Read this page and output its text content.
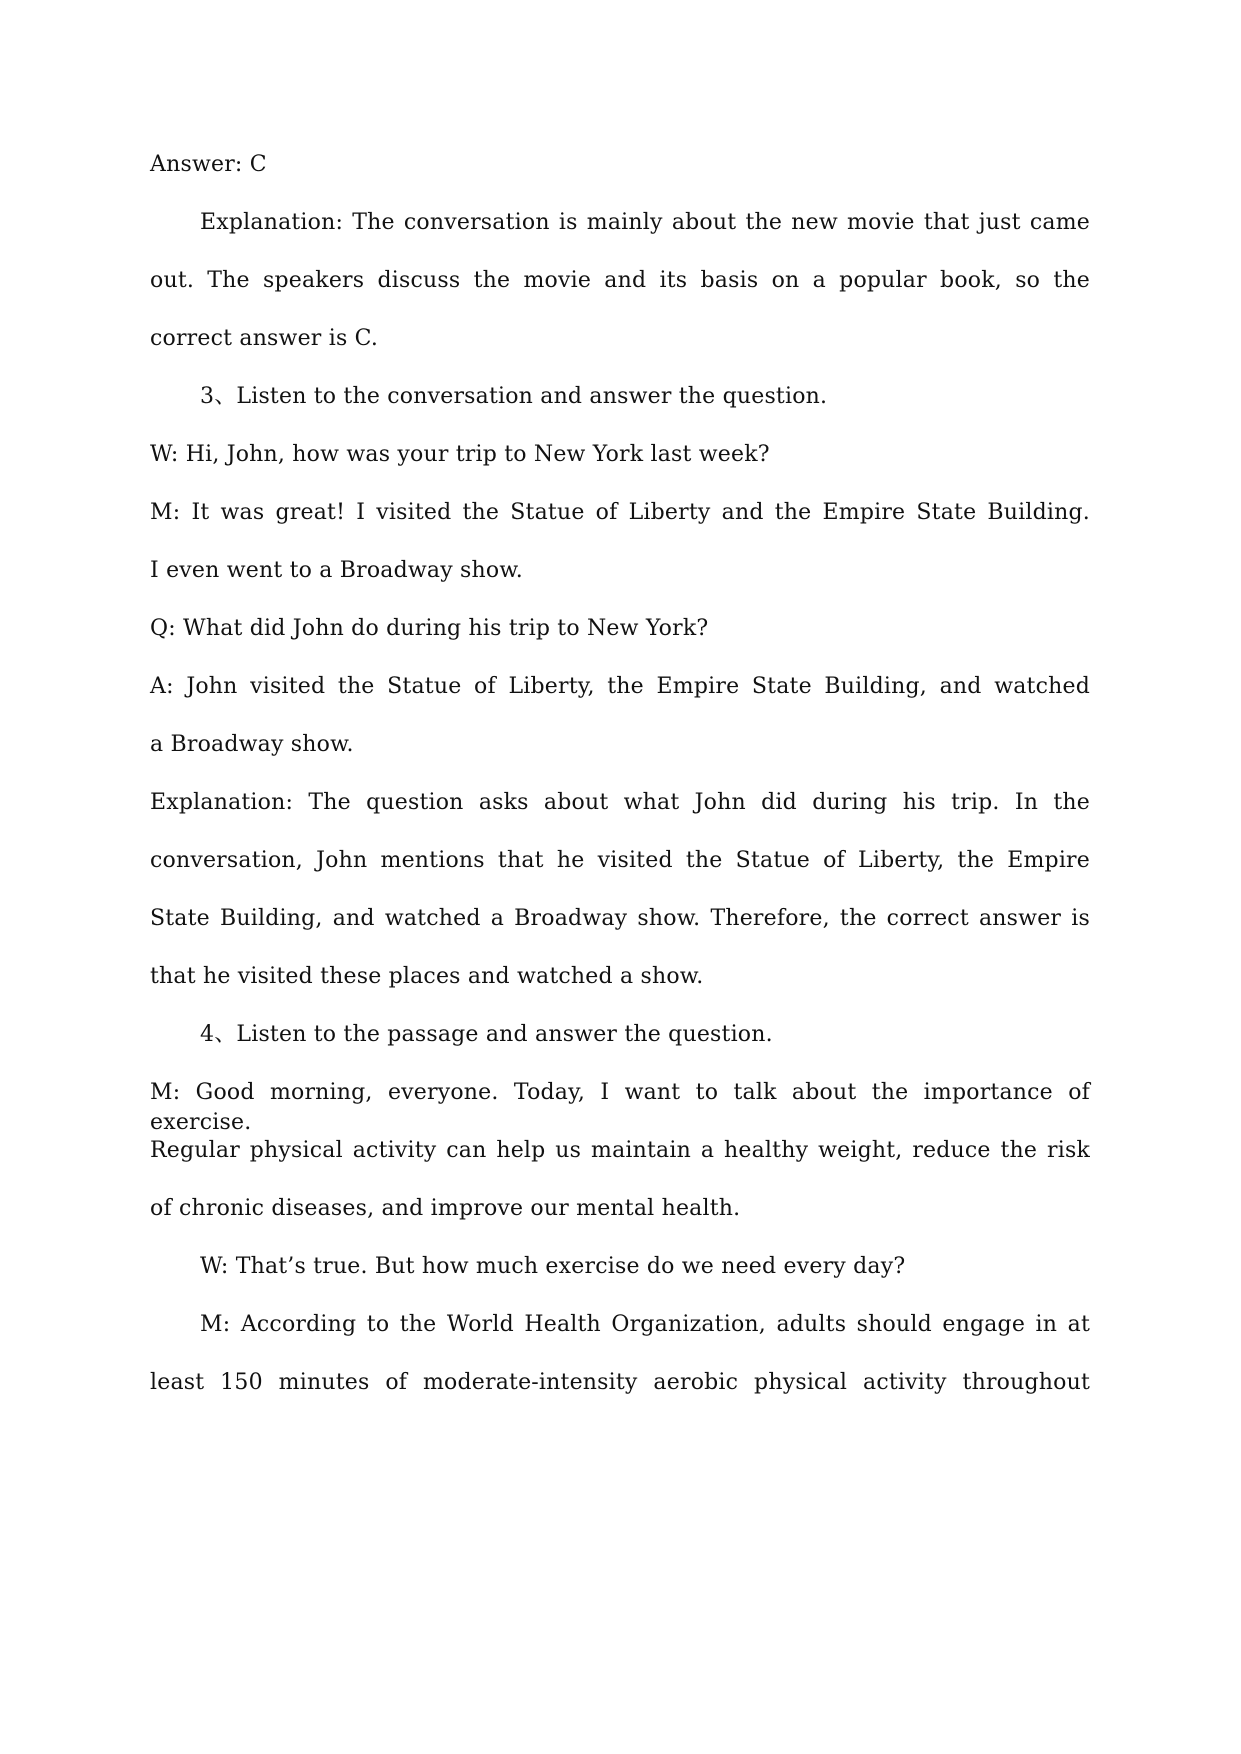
Answer: C
Explanation: The conversation is mainly about the new movie that just came
out. The speakers discuss the movie and its basis on a popular book, so the
correct answer is C.
3、Listen to the conversation and answer the question.
W: Hi, John, how was your trip to New York last week?
M: It was great! I visited the Statue of Liberty and the Empire State Building.
I even went to a Broadway show.
Q: What did John do during his trip to New York?
A: John visited the Statue of Liberty, the Empire State Building, and watched
a Broadway show.
Explanation: The question asks about what John did during his trip. In the
conversation, John mentions that he visited the Statue of Liberty, the Empire
State Building, and watched a Broadway show. Therefore, the correct answer is
that he visited these places and watched a show.
4、Listen to the passage and answer the question.
M: Good morning, everyone. Today, I want to talk about the importance of exercise.
Regular physical activity can help us maintain a healthy weight, reduce the risk
of chronic diseases, and improve our mental health.
W: That’s true. But how much exercise do we need every day?
M: According to the World Health Organization, adults should engage in at
least 150 minutes of moderate-intensity aerobic physical activity throughout
